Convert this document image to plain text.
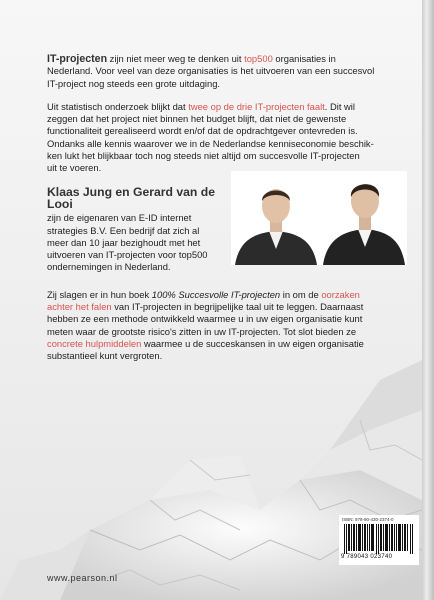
IT-projecten zijn niet meer weg te denken uit top500 organisaties in
Nederland. Voor veel van deze organisaties is het uitvoeren van een succesvol
IT-project nog steeds een grote uitdaging.

Uit statistisch onderzoek blijkt dat twee op de drie IT-projecten faalt. Dit wil
zeggen dat het project niet binnen het budget blijft, dat niet de gewenste
functionaliteit gerealiseerd wordt en/of dat de opdrachtgever ontevreden is.
Ondanks alle kennis waarover we in de Nederlandse kenniseconomie beschik-
ken lukt het blijkbaar toch nog steeds niet altijd om succesvolle IT-projecten
uit te voeren.

Klaas Jung en Gerard van de Looi
zijn de eigenaren van E-ID internet
strategies B.V. Een bedrijf dat zich al
meer dan 10 jaar bezighoudt met het
uitvoeren van IT-projecten voor top500
ondernemingen in Nederland.

Zij slagen er in hun boek 100% Succesvolle IT-projecten in om de oorzaken
achter het falen van IT-projecten in begrijpelijke taal uit te leggen. Daarnaast
hebben ze een methode ontwikkeld waarmee u in uw eigen organisatie kunt
meten waar de grootste risico's zitten in uw IT-projecten. Tot slot bieden ze
concrete hulpmiddelen waarmee u de succeskansen in uw eigen organisatie
substantieel kunt vergroten.

ISBN: 978-90-430-2374-0
9 789043 023740
www.pearson.nl
